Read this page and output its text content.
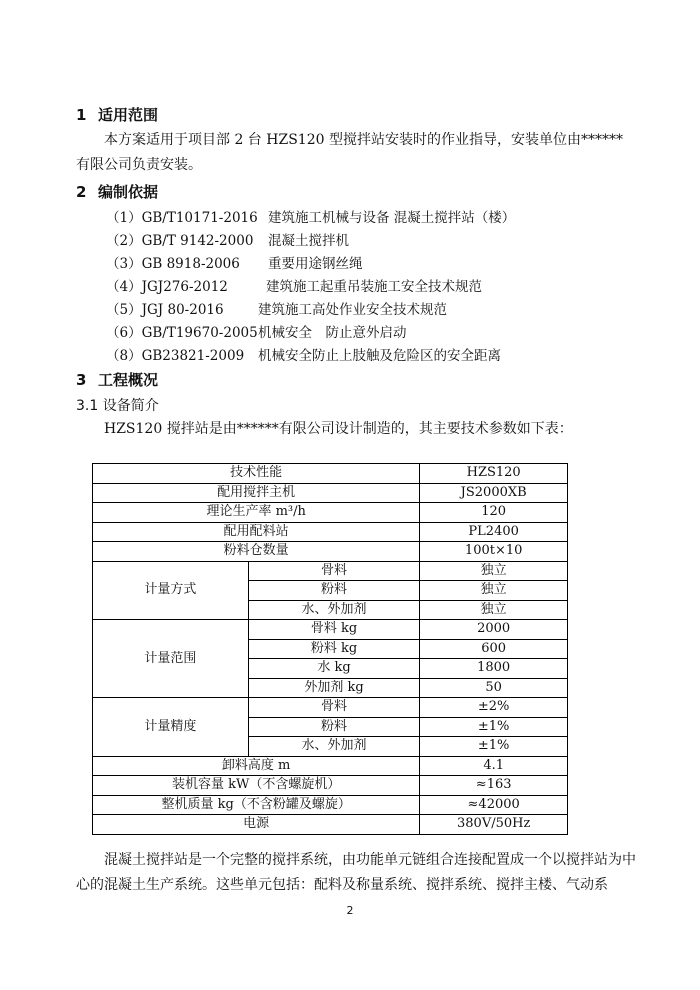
1 适用范围
本方案适用于项目部 2 台 HZS120 型搅拌站安装时的作业指导，安装单位由******有限公司负责安装。
2 编制依据
（1）GB/T10171-2016 建筑施工机械与设备 混凝土搅拌站（楼）
（2）GB/T 9142-2000 混凝土搅拌机
（3）GB 8918-2006 重要用途钢丝绳
（4）JGJ276-2012	建筑施工起重吊装施工安全技术规范
（5）JGJ 80-2016	建筑施工高处作业安全技术规范
（6）GB/T19670-2005 机械安全　防止意外启动
（8）GB23821-2009 机械安全防止上肢触及危险区的安全距离
3 工程概况
3.1 设备简介
HZS120 搅拌站是由******有限公司设计制造的，其主要技术参数如下表：
技术性能		HZS120
配用搅拌主机		JS2000XB
理论生产率 m³/h		120
配用配料站		PL2400
粉料仓数量		100t×10
计量方式	骨料	独立
	粉料	独立
	水、外加剂	独立
计量范围	骨料 kg	2000
	粉料 kg	600
	水 kg	1800
	外加剂 kg	50
计量精度	骨料	±2%
	粉料	±1%
	水、外加剂	±1%
卸料高度 m		4.1
装机容量 kW（不含螺旋机）		≈163
整机质量 kg（不含粉罐及螺旋）		≈42000
电源		380V/50Hz
混凝土搅拌站是一个完整的搅拌系统，由功能单元链组合连接配置成一个以搅拌站为中心的混凝土生产系统。这些单元包括：配料及称量系统、搅拌系统、搅拌主楼、气动系
2
